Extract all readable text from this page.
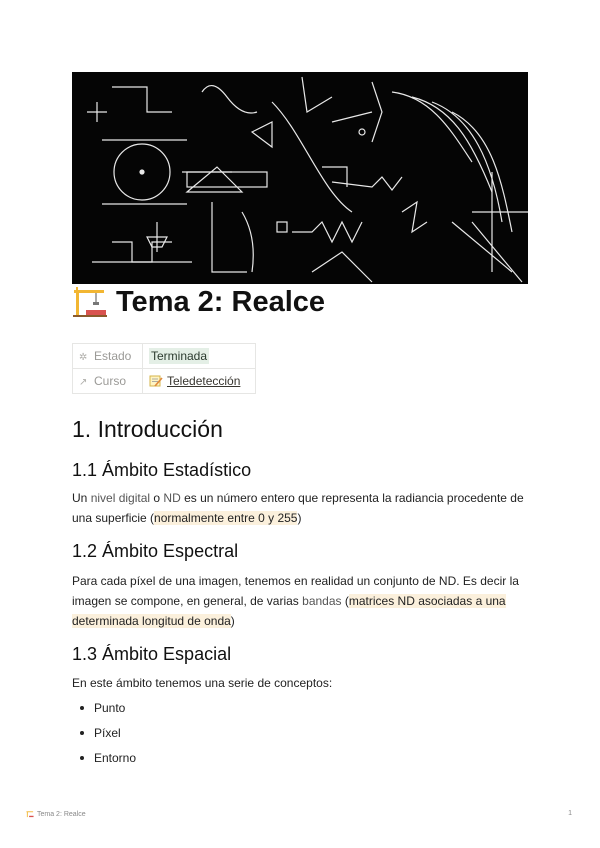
Tema 2: Realce
✲ Estado	Terminada
↗ Curso	Teledetección
1. Introducción
1.1 Ámbito Estadístico

Un nivel digital o ND es un número entero que representa la radiancia procedente de una superficie (normalmente entre 0 y 255)

1.2 Ámbito Espectral

Para cada píxel de una imagen, tenemos en realidad un conjunto de ND. Es decir la imagen se compone, en general, de varias bandas (matrices ND asociadas a una determinada longitud de onda)

1.3 Ámbito Espacial

En este ámbito tenemos una serie de conceptos:

Punto
Píxel
Entorno
Tema 2: Realce	1
